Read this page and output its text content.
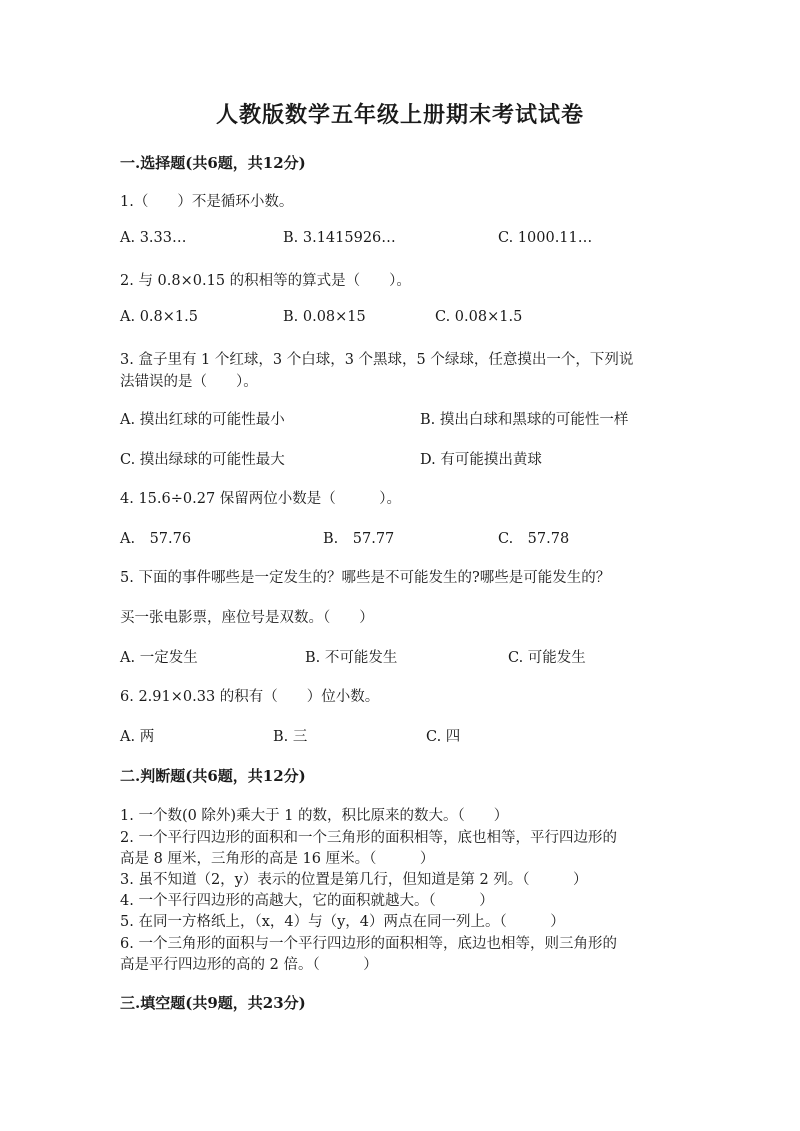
人教版数学五年级上册期末考试试卷
一.选择题(共6题，共12分)
1.（　　）不是循环小数。
A. 3.33…	B. 3.1415926…	C. 1000.11…
2. 与 0.8×0.15 的积相等的算式是（　　）。
A. 0.8×1.5	B. 0.08×15	C. 0.08×1.5
3. 盒子里有 1 个红球，3 个白球，3 个黑球，5 个绿球，任意摸出一个，下列说
法错误的是（　　）。
A. 摸出红球的可能性最小	B. 摸出白球和黑球的可能性一样
C. 摸出绿球的可能性最大	D. 有可能摸出黄球
4. 15.6÷0.27 保留两位小数是（　　　）。
A.　57.76	B.　57.77	C.　57.78
5. 下面的事件哪些是一定发生的？哪些是不可能发生的?哪些是可能发生的？
买一张电影票，座位号是双数。（　　）
A. 一定发生	B. 不可能发生	C. 可能发生
6. 2.91×0.33 的积有（　　）位小数。
A. 两	B. 三	C. 四
二.判断题(共6题，共12分)
1. 一个数(0 除外)乘大于 1 的数，积比原来的数大。（　　）
2. 一个平行四边形的面积和一个三角形的面积相等，底也相等，平行四边形的
高是 8 厘米，三角形的高是 16 厘米。（　　　）
3. 虽不知道（2，y）表示的位置是第几行，但知道是第 2 列。（　　　）
4. 一个平行四边形的高越大，它的面积就越大。（　　　）
5. 在同一方格纸上，（x，4）与（y，4）两点在同一列上。（　　　）
6. 一个三角形的面积与一个平行四边形的面积相等，底边也相等，则三角形的
高是平行四边形的高的 2 倍。（　　　）
三.填空题(共9题，共23分)
